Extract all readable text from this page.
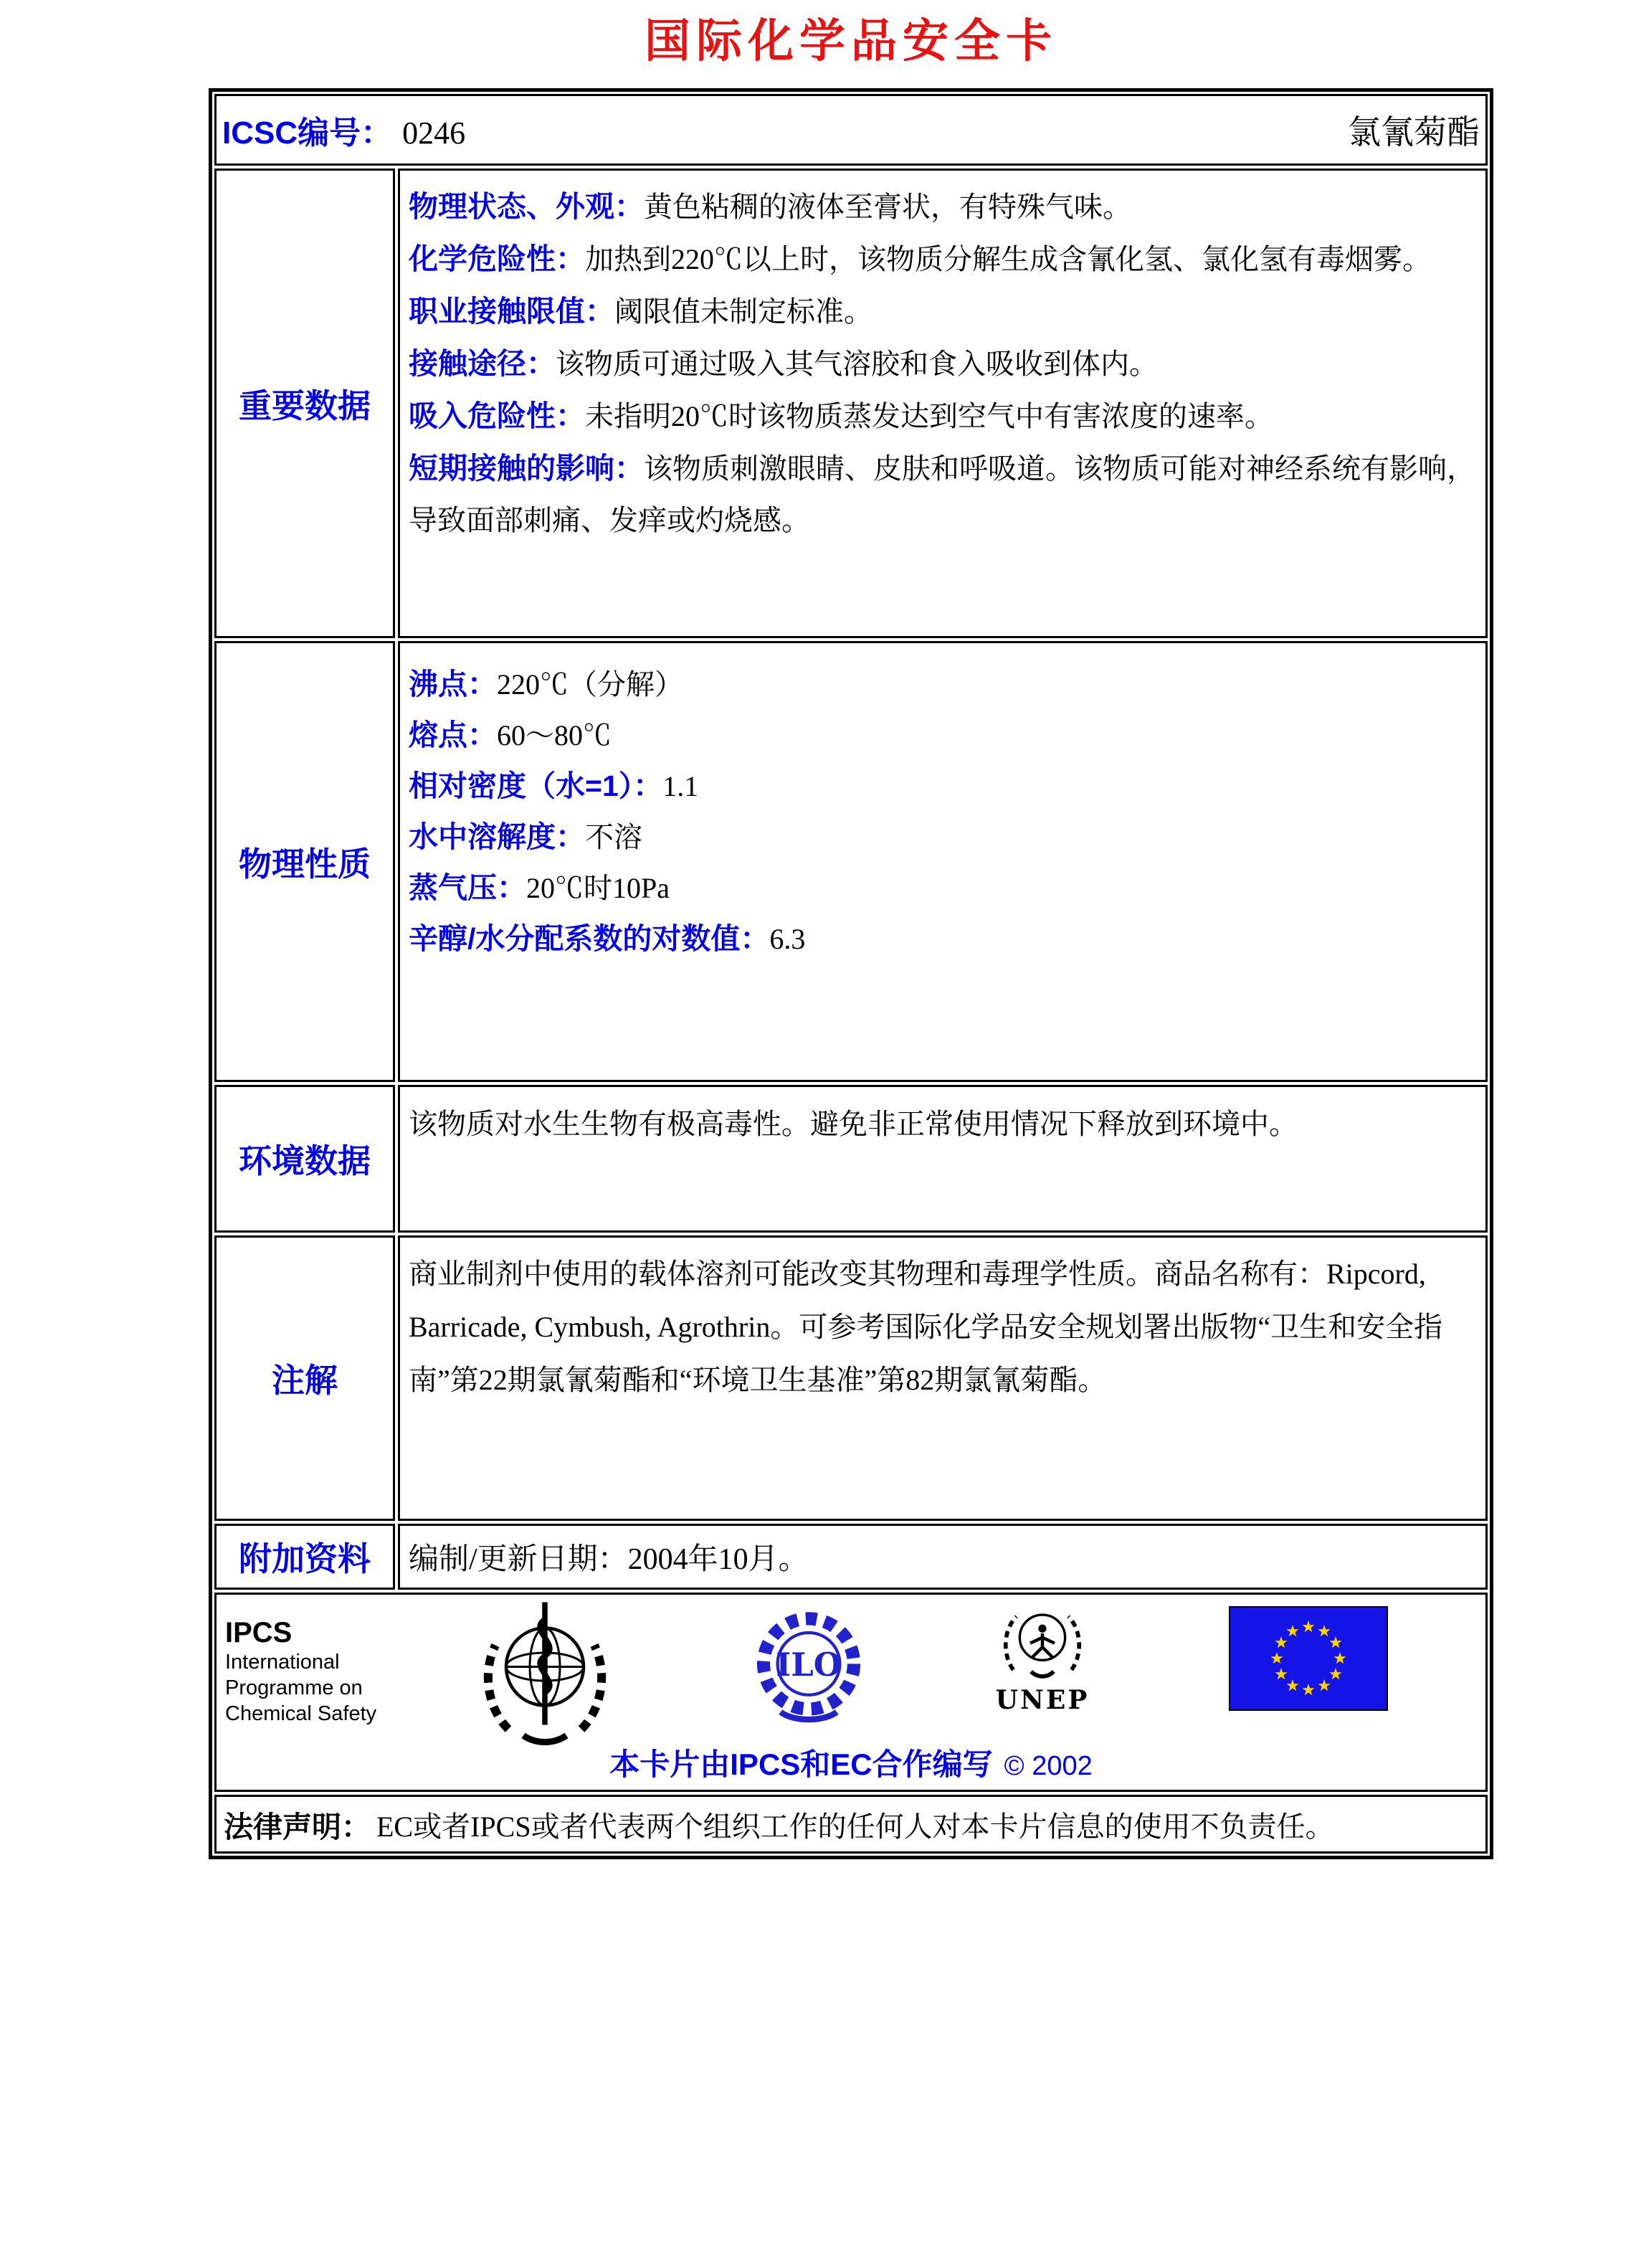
国际化学品安全卡
ICSC编号： 0246	氯氰菊酯
重要数据
物理状态、外观：黄色粘稠的液体至膏状，有特殊气味。
化学危险性：加热到220℃以上时，该物质分解生成含氰化氢、氯化氢有毒烟雾。
职业接触限值：阈限值未制定标准。
接触途径：该物质可通过吸入其气溶胶和食入吸收到体内。
吸入危险性：未指明20℃时该物质蒸发达到空气中有害浓度的速率。
短期接触的影响：该物质刺激眼睛、皮肤和呼吸道。该物质可能对神经系统有影响，导致面部刺痛、发痒或灼烧感。
物理性质
沸点：220℃（分解）
熔点：60～80℃
相对密度（水=1）：1.1
水中溶解度：不溶
蒸气压：20℃时10Pa
辛醇/水分配系数的对数值：6.3
环境数据
该物质对水生生物有极高毒性。避免非正常使用情况下释放到环境中。
注解
商业制剂中使用的载体溶剂可能改变其物理和毒理学性质。商品名称有：Ripcord, Barricade, Cymbush, Agrothrin。可参考国际化学品安全规划署出版物“卫生和安全指南”第22期氯氰菊酯和“环境卫生基准”第82期氯氰菊酯。
附加资料	编制/更新日期：2004年10月。
IPCS
International
Programme on
Chemical Safety
ILO
UNEP
本卡片由IPCS和EC合作编写 © 2002
法律声明： EC或者IPCS或者代表两个组织工作的任何人对本卡片信息的使用不负责任。
